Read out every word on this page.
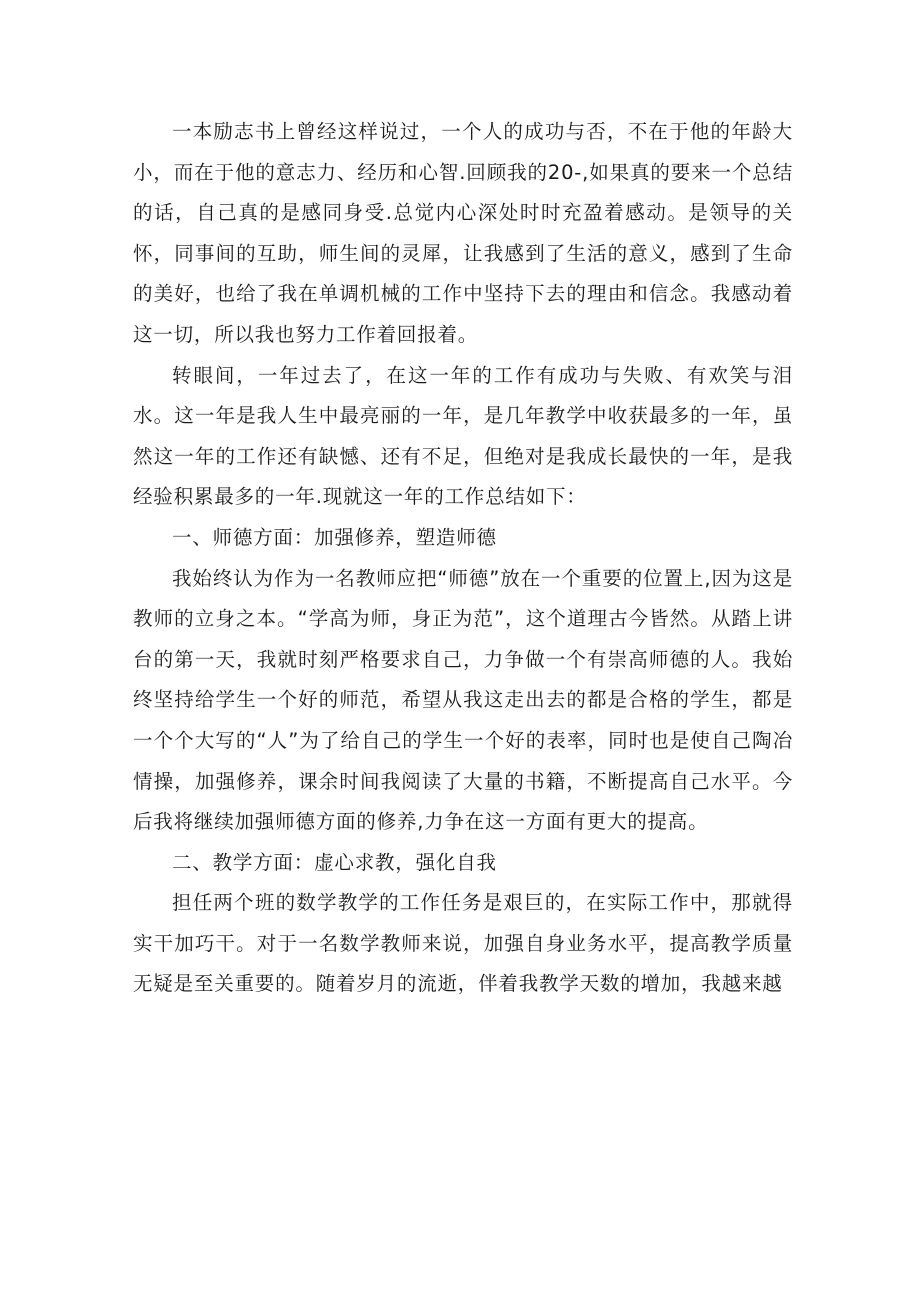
一本励志书上曾经这样说过，一个人的成功与否，不在于他的年龄大小，而在于他的意志力、经历和心智.回顾我的20-,如果真的要来一个总结的话，自己真的是感同身受.总觉内心深处时时充盈着感动。是领导的关怀，同事间的互助，师生间的灵犀，让我感到了生活的意义，感到了生命的美好，也给了我在单调机械的工作中坚持下去的理由和信念。我感动着这一切，所以我也努力工作着回报着。

转眼间，一年过去了，在这一年的工作有成功与失败、有欢笑与泪水。这一年是我人生中最亮丽的一年，是几年教学中收获最多的一年，虽然这一年的工作还有缺憾、还有不足，但绝对是我成长最快的一年，是我经验积累最多的一年.现就这一年的工作总结如下：

一、师德方面：加强修养，塑造师德

我始终认为作为一名教师应把“师德”放在一个重要的位置上,因为这是教师的立身之本。“学高为师，身正为范”，这个道理古今皆然。从踏上讲台的第一天，我就时刻严格要求自己，力争做一个有崇高师德的人。我始终坚持给学生一个好的师范，希望从我这走出去的都是合格的学生，都是一个个大写的“人”为了给自己的学生一个好的表率，同时也是使自己陶冶情操，加强修养，课余时间我阅读了大量的书籍，不断提高自己水平。今后我将继续加强师德方面的修养,力争在这一方面有更大的提高。

二、教学方面：虚心求教，强化自我

担任两个班的数学教学的工作任务是艰巨的，在实际工作中，那就得实干加巧干。对于一名数学教师来说，加强自身业务水平，提高教学质量无疑是至关重要的。随着岁月的流逝，伴着我教学天数的增加，我越来越
